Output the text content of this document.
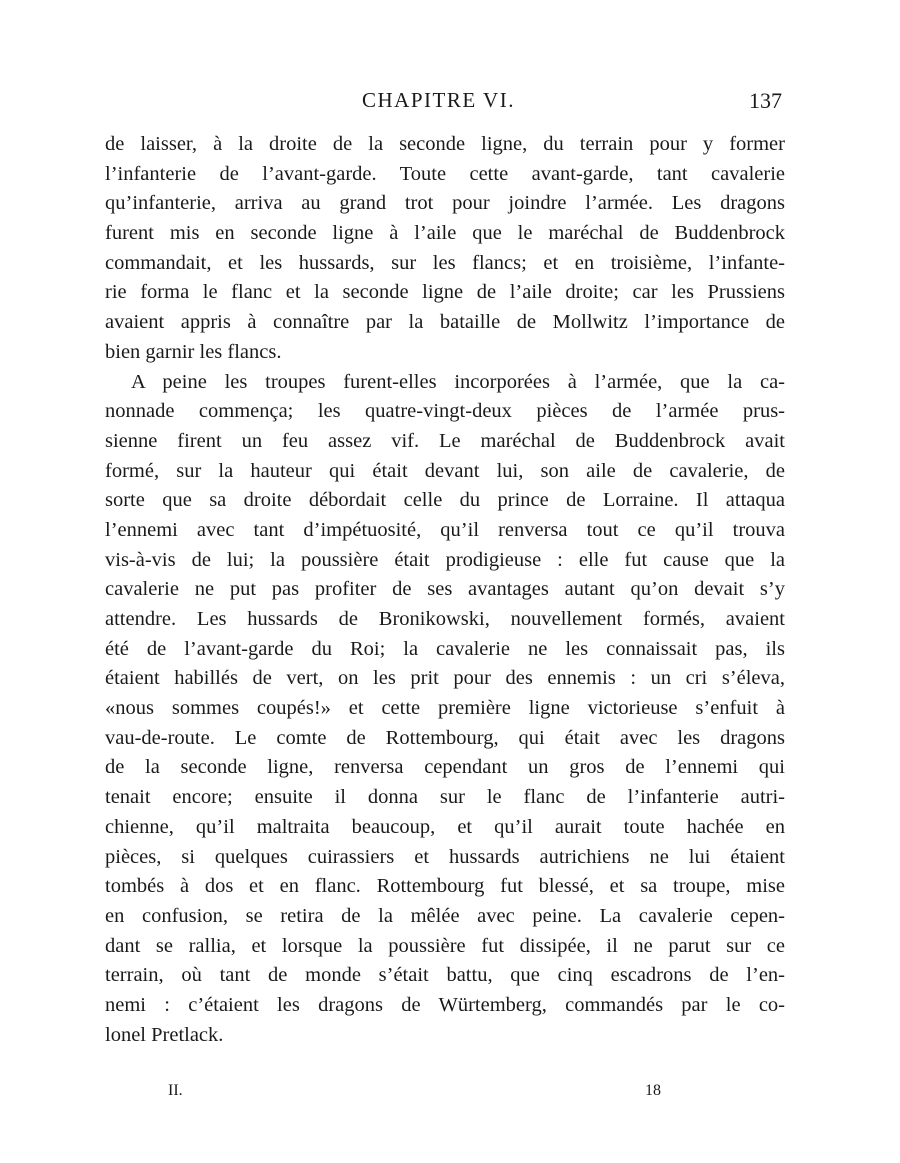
CHAPITRE VI.	137
de laisser, à la droite de la seconde ligne, du terrain pour y former
l’infanterie de l’avant-garde. Toute cette avant-garde, tant cavalerie
qu’infanterie, arriva au grand trot pour joindre l’armée. Les dragons
furent mis en seconde ligne à l’aile que le maréchal de Buddenbrock
commandait, et les hussards, sur les flancs; et en troisième, l’infante-
rie forma le flanc et la seconde ligne de l’aile droite; car les Prussiens
avaient appris à connaître par la bataille de Mollwitz l’importance de
bien garnir les flancs.
A peine les troupes furent-elles incorporées à l’armée, que la ca-
nonnade commença; les quatre-vingt-deux pièces de l’armée prus-
sienne firent un feu assez vif. Le maréchal de Buddenbrock avait
formé, sur la hauteur qui était devant lui, son aile de cavalerie, de
sorte que sa droite débordait celle du prince de Lorraine. Il attaqua
l’ennemi avec tant d’impétuosité, qu’il renversa tout ce qu’il trouva
vis-à-vis de lui; la poussière était prodigieuse : elle fut cause que la
cavalerie ne put pas profiter de ses avantages autant qu’on devait s’y
attendre. Les hussards de Bronikowski, nouvellement formés, avaient
été de l’avant-garde du Roi; la cavalerie ne les connaissait pas, ils
étaient habillés de vert, on les prit pour des ennemis : un cri s’éleva,
«nous sommes coupés!» et cette première ligne victorieuse s’enfuit à
vau-de-route. Le comte de Rottembourg, qui était avec les dragons
de la seconde ligne, renversa cependant un gros de l’ennemi qui
tenait encore; ensuite il donna sur le flanc de l’infanterie autri-
chienne, qu’il maltraita beaucoup, et qu’il aurait toute hachée en
pièces, si quelques cuirassiers et hussards autrichiens ne lui étaient
tombés à dos et en flanc. Rottembourg fut blessé, et sa troupe, mise
en confusion, se retira de la mêlée avec peine. La cavalerie cepen-
dant se rallia, et lorsque la poussière fut dissipée, il ne parut sur ce
terrain, où tant de monde s’était battu, que cinq escadrons de l’en-
nemi : c’étaient les dragons de Würtemberg, commandés par le co-
lonel Pretlack.
II.	18
